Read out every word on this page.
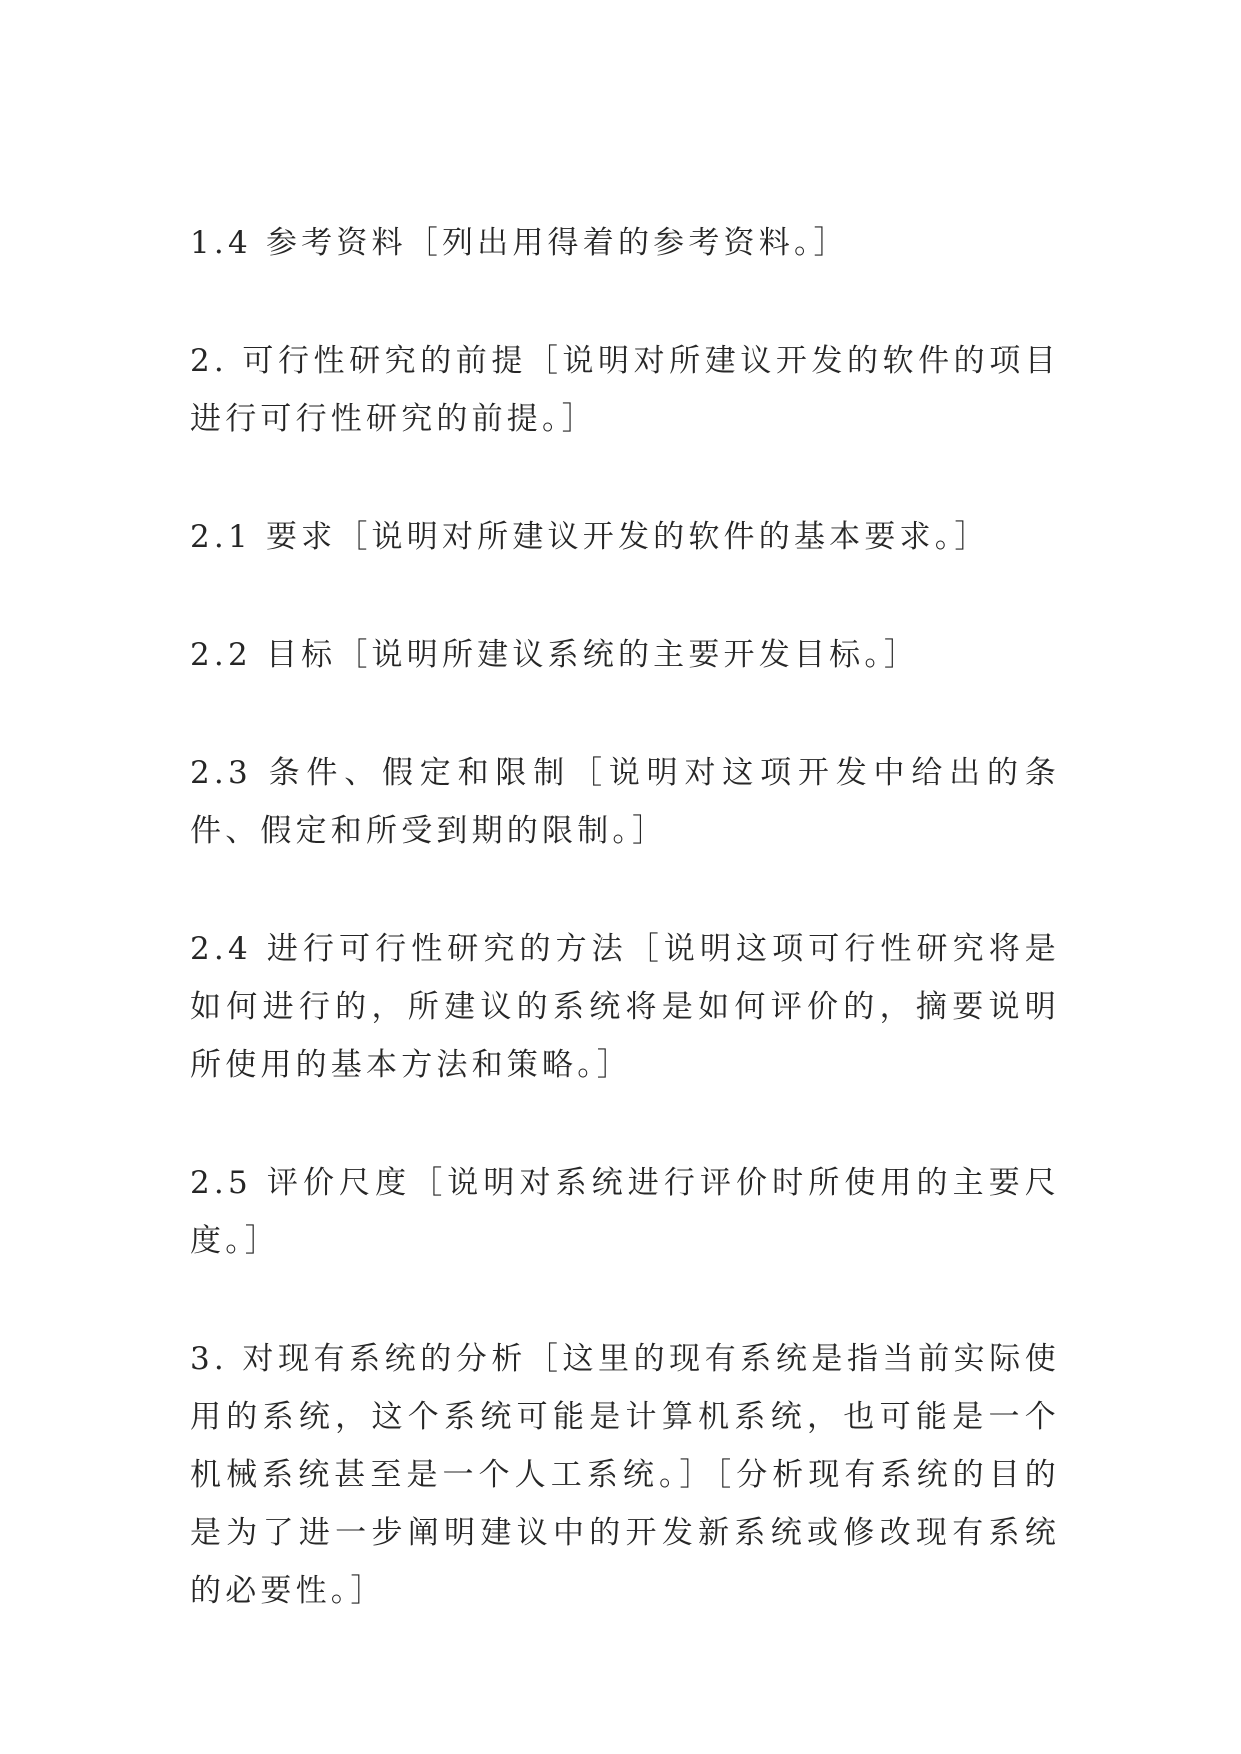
1.4 参考资料［列出用得着的参考资料。］

2. 可行性研究的前提［说明对所建议开发的软件的项目进行可行性研究的前提。］

2.1 要求［说明对所建议开发的软件的基本要求。］

2.2 目标［说明所建议系统的主要开发目标。］

2.3 条件、假定和限制［说明对这项开发中给出的条件、假定和所受到期的限制。］

2.4 进行可行性研究的方法［说明这项可行性研究将是如何进行的，所建议的系统将是如何评价的，摘要说明所使用的基本方法和策略。］

2.5 评价尺度［说明对系统进行评价时所使用的主要尺度。］

3. 对现有系统的分析［这里的现有系统是指当前实际使用的系统，这个系统可能是计算机系统，也可能是一个机械系统甚至是一个人工系统。］［分析现有系统的目的是为了进一步阐明建议中的开发新系统或修改现有系统的必要性。］
